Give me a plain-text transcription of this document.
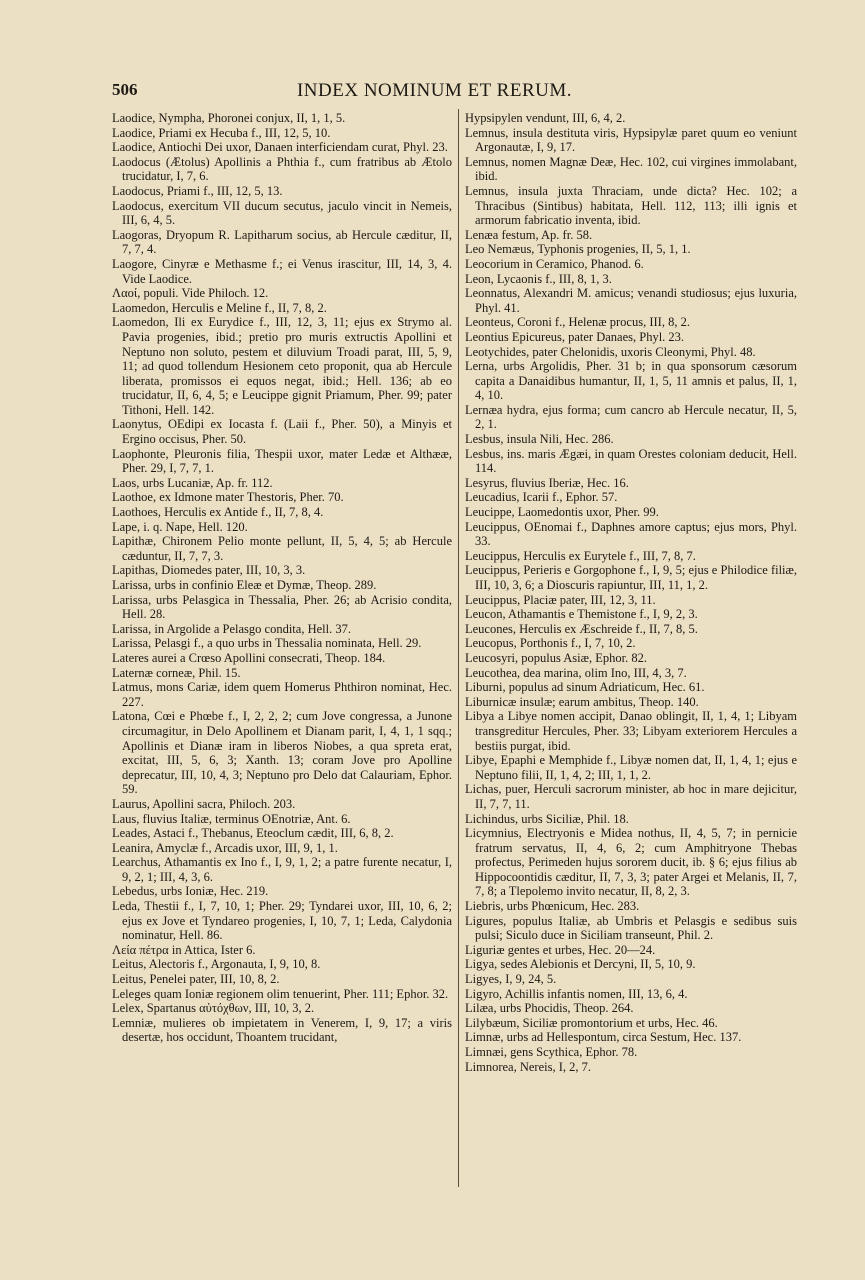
506	INDEX NOMINUM ET RERUM.
Laodice, Nympha, Phoronei conjux, II, 1, 1, 5.
Laodice, Priami ex Hecuba f., III, 12, 5, 10.
Laodice, Antiochi Dei uxor, Danaen interficiendam curat, Phyl. 23.
Laodocus (Ætolus) Apollinis a Phthia f., cum fratribus ab Ætolo trucidatur, I, 7, 6.
Laodocus, Priami f., III, 12, 5, 13.
Laodocus, exercitum VII ducum secutus, jaculo vincit in Nemeis, III, 6, 4, 5.
Laogoras, Dryopum R. Lapitharum socius, ab Hercule cæditur, II, 7, 7, 4.
Laogore, Cinyræ e Methasme f.; ei Venus irascitur, III, 14, 3, 4. Vide Laodice.
Λαοί, populi. Vide Philoch. 12.
Laomedon, Herculis e Meline f., II, 7, 8, 2.
Laomedon, Ili ex Eurydice f., III, 12, 3, 11; ejus ex Strymo al. Pavia progenies, ibid.; pretio pro muris extructis Apollini et Neptuno non soluto, pestem et diluvium Troadi parat, III, 5, 9, 11; ad quod tollendum Hesionem ceto proponit, qua ab Hercule liberata, promissos ei equos negat, ibid.; Hell. 136; ab eo trucidatur, II, 6, 4, 5; e Leucippe gignit Priamum, Pher. 99; pater Tithoni, Hell. 142.
Laonytus, OEdipi ex Iocasta f. (Laii f., Pher. 50), a Minyis et Ergino occisus, Pher. 50.
Laophonte, Pleuronis filia, Thespii uxor, mater Ledæ et Althææ, Pher. 29, I, 7, 7, 1.
Laos, urbs Lucaniæ, Ap. fr. 112.
Laothoe, ex Idmone mater Thestoris, Pher. 70.
Laothoes, Herculis ex Antide f., II, 7, 8, 4.
Lape, i. q. Nape, Hell. 120.
Lapithæ, Chironem Pelio monte pellunt, II, 5, 4, 5; ab Hercule cæduntur, II, 7, 7, 3.
Lapithas, Diomedes pater, III, 10, 3, 3.
Larissa, urbs in confinio Eleæ et Dymæ, Theop. 289.
Larissa, urbs Pelasgica in Thessalia, Pher. 26; ab Acrisio condita, Hell. 28.
Larissa, in Argolide a Pelasgo condita, Hell. 37.
Larissa, Pelasgi f., a quo urbs in Thessalia nominata, Hell. 29.
Lateres aurei a Crœso Apollini consecrati, Theop. 184.
Laternæ corneæ, Phil. 15.
Latmus, mons Cariæ, idem quem Homerus Phthiron nominat, Hec. 227.
Latona, Cœi e Phœbe f., I, 2, 2, 2; cum Jove congressa, a Junone circumagitur, in Delo Apollinem et Dianam parit, I, 4, 1, 1 sqq.; Apollinis et Dianæ iram in liberos Niobes, a qua spreta erat, excitat, III, 5, 6, 3; Xanth. 13; coram Jove pro Apolline deprecatur, III, 10, 4, 3; Neptuno pro Delo dat Calauriam, Ephor. 59.
Laurus, Apollini sacra, Philoch. 203.
Laus, fluvius Italiæ, terminus OEnotriæ, Ant. 6.
Leades, Astaci f., Thebanus, Eteoclum cædit, III, 6, 8, 2.
Leanira, Amyclæ f., Arcadis uxor, III, 9, 1, 1.
Learchus, Athamantis ex Ino f., I, 9, 1, 2; a patre furente necatur, I, 9, 2, 1; III, 4, 3, 6.
Lebedus, urbs Ioniæ, Hec. 219.
Leda, Thestii f., I, 7, 10, 1; Pher. 29; Tyndarei uxor, III, 10, 6, 2; ejus ex Jove et Tyndareo progenies, I, 10, 7, 1; Leda, Calydonia nominatur, Hell. 86.
Λεία πέτρα in Attica, Ister 6.
Leitus, Alectoris f., Argonauta, I, 9, 10, 8.
Leitus, Penelei pater, III, 10, 8, 2.
Leleges quam Ioniæ regionem olim tenuerint, Pher. 111; Ephor. 32.
Lelex, Spartanus αὐτόχθων, III, 10, 3, 2.
Lemniæ, mulieres ob impietatem in Venerem, I, 9, 17; a viris desertæ, hos occidunt, Thoantem trucidant,
Hypsipylen vendunt, III, 6, 4, 2.
Lemnus, insula destituta viris, Hypsipylæ paret quum eo veniunt Argonautæ, I, 9, 17.
Lemnus, nomen Magnæ Deæ, Hec. 102, cui virgines immolabant, ibid.
Lemnus, insula juxta Thraciam, unde dicta? Hec. 102; a Thracibus (Sintibus) habitata, Hell. 112, 113; illi ignis et armorum fabricatio inventa, ibid.
Lenæa festum, Ap. fr. 58.
Leo Nemæus, Typhonis progenies, II, 5, 1, 1.
Leocorium in Ceramico, Phanod. 6.
Leon, Lycaonis f., III, 8, 1, 3.
Leonnatus, Alexandri M. amicus; venandi studiosus; ejus luxuria, Phyl. 41.
Leonteus, Coroni f., Helenæ procus, III, 8, 2.
Leontius Epicureus, pater Danaes, Phyl. 23.
Leotychides, pater Chelonidis, uxoris Cleonymi, Phyl. 48.
Lerna, urbs Argolidis, Pher. 31 b; in qua sponsorum cæsorum capita a Danaidibus humantur, II, 1, 5, 11 amnis et palus, II, 1, 4, 10.
Lernæa hydra, ejus forma; cum cancro ab Hercule necatur, II, 5, 2, 1.
Lesbus, insula Nili, Hec. 286.
Lesbus, ins. maris Ægæi, in quam Orestes coloniam deducit, Hell. 114.
Lesyrus, fluvius Iberiæ, Hec. 16.
Leucadius, Icarii f., Ephor. 57.
Leucippe, Laomedontis uxor, Pher. 99.
Leucippus, OEnomai f., Daphnes amore captus; ejus mors, Phyl. 33.
Leucippus, Herculis ex Eurytele f., III, 7, 8, 7.
Leucippus, Perieris e Gorgophone f., I, 9, 5; ejus e Philodice filiæ, III, 10, 3, 6; a Dioscuris rapiuntur, III, 11, 1, 2.
Leucippus, Placiæ pater, III, 12, 3, 11.
Leucon, Athamantis e Themistone f., I, 9, 2, 3.
Leucones, Herculis ex Æschreide f., II, 7, 8, 5.
Leucopus, Porthonis f., I, 7, 10, 2.
Leucosyri, populus Asiæ, Ephor. 82.
Leucothea, dea marina, olim Ino, III, 4, 3, 7.
Liburni, populus ad sinum Adriaticum, Hec. 61.
Liburnicæ insulæ; earum ambitus, Theop. 140.
Libya a Libye nomen accipit, Danao oblingit, II, 1, 4, 1; Libyam transgreditur Hercules, Pher. 33; Libyam exteriorem Hercules a bestiis purgat, ibid.
Libye, Epaphi e Memphide f., Libyæ nomen dat, II, 1, 4, 1; ejus e Neptuno filii, II, 1, 4, 2; III, 1, 1, 2.
Lichas, puer, Herculi sacrorum minister, ab hoc in mare dejicitur, II, 7, 7, 11.
Lichindus, urbs Siciliæ, Phil. 18.
Licymnius, Electryonis e Midea nothus, II, 4, 5, 7; in pernicie fratrum servatus, II, 4, 6, 2; cum Amphitryone Thebas profectus, Perimeden hujus sororem ducit, ib. § 6; ejus filius ab Hippocoontidis cæditur, II, 7, 3, 3; pater Argei et Melanis, II, 7, 7, 8; a Tlepolemo invito necatur, II, 8, 2, 3.
Liebris, urbs Phœnicum, Hec. 283.
Ligures, populus Italiæ, ab Umbris et Pelasgis e sedibus suis pulsi; Siculo duce in Siciliam transeunt, Phil. 2.
Liguriæ gentes et urbes, Hec. 20—24.
Ligya, sedes Alebionis et Dercyni, II, 5, 10, 9.
Ligyes, I, 9, 24, 5.
Ligyro, Achillis infantis nomen, III, 13, 6, 4.
Lilæa, urbs Phocidis, Theop. 264.
Lilybæum, Siciliæ promontorium et urbs, Hec. 46.
Limnæ, urbs ad Hellespontum, circa Sestum, Hec. 137.
Limnæi, gens Scythica, Ephor. 78.
Limnorea, Nereis, I, 2, 7.
